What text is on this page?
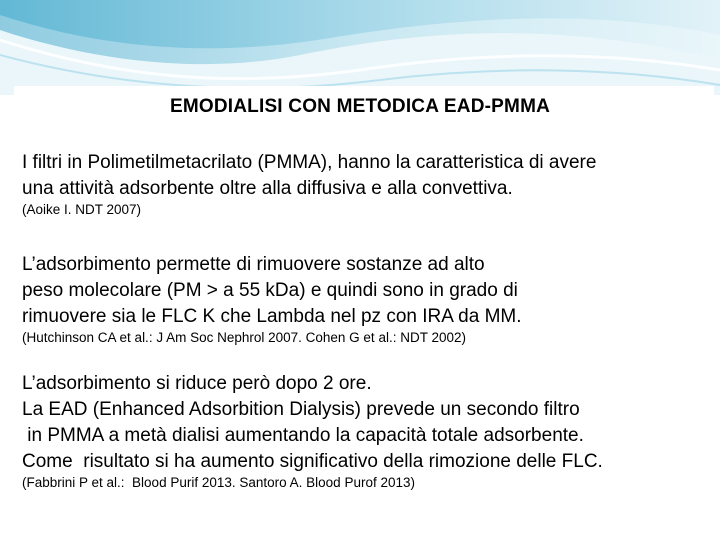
EMODIALISI CON METODICA EAD-PMMA

I filtri in Polimetilmetacrilato (PMMA), hanno la caratteristica di avere

una attività adsorbente oltre alla diffusiva e alla convettiva.

(Aoike I. NDT 2007)

L’adsorbimento permette di rimuovere sostanze ad alto

peso molecolare (PM > a 55 kDa) e quindi sono in grado di

rimuovere sia le FLC K che Lambda nel pz con IRA da MM.

(Hutchinson CA et al.: J Am Soc Nephrol 2007. Cohen G et al.: NDT 2002)

L’adsorbimento si riduce però dopo 2 ore.

La EAD (Enhanced Adsorbition Dialysis) prevede un secondo filtro

in PMMA a metà dialisi aumentando la capacità totale adsorbente.

Come  risultato si ha aumento significativo della rimozione delle FLC.

(Fabbrini P et al.:  Blood Purif 2013. Santoro A. Blood Purof 2013)
